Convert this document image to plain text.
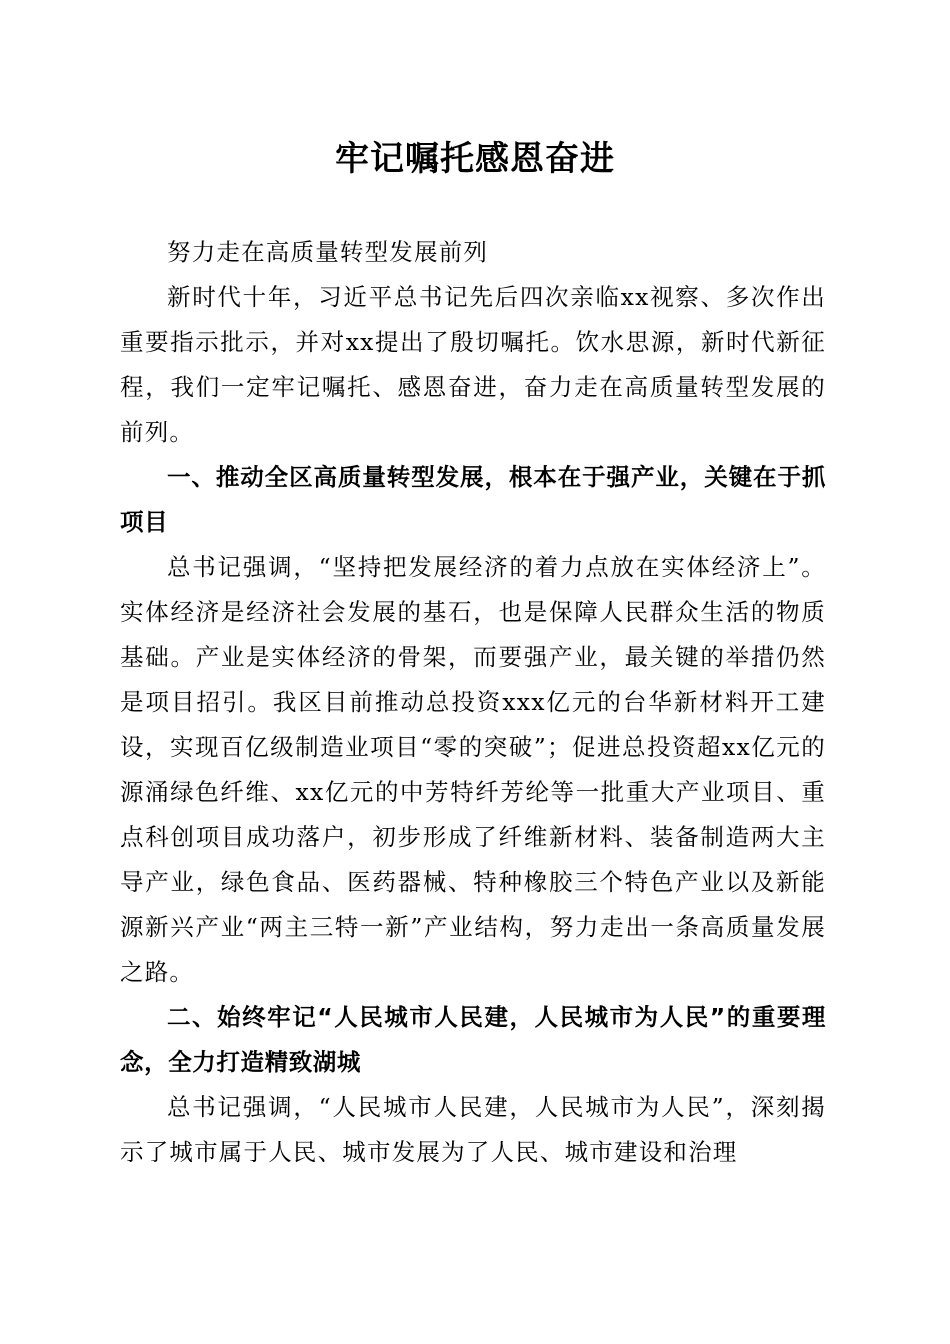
牢记嘱托感恩奋进

努力走在高质量转型发展前列

新时代十年，习近平总书记先后四次亲临xx视察、多次作出重要指示批示，并对xx提出了殷切嘱托。饮水思源，新时代新征程，我们一定牢记嘱托、感恩奋进，奋力走在高质量转型发展的前列。

一、推动全区高质量转型发展，根本在于强产业，关键在于抓项目

总书记强调，“坚持把发展经济的着力点放在实体经济上”。实体经济是经济社会发展的基石，也是保障人民群众生活的物质基础。产业是实体经济的骨架，而要强产业，最关键的举措仍然是项目招引。我区目前推动总投资xxx亿元的台华新材料开工建设，实现百亿级制造业项目“零的突破”；促进总投资超xx亿元的源涌绿色纤维、xx亿元的中芳特纤芳纶等一批重大产业项目、重点科创项目成功落户，初步形成了纤维新材料、装备制造两大主导产业，绿色食品、医药器械、特种橡胶三个特色产业以及新能源新兴产业“两主三特一新”产业结构，努力走出一条高质量发展之路。

二、始终牢记“人民城市人民建，人民城市为人民”的重要理念，全力打造精致湖城

总书记强调，“人民城市人民建，人民城市为人民”，深刻揭示了城市属于人民、城市发展为了人民、城市建设和治理
